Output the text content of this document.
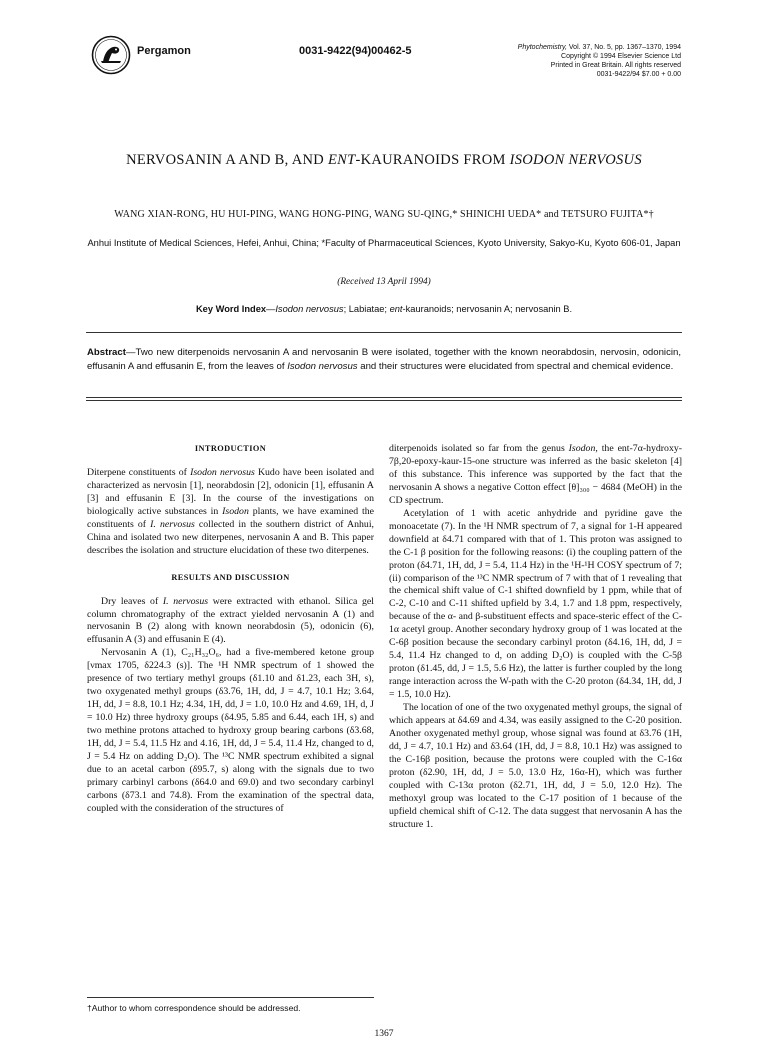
Pergamon	0031-9422(94)00462-5	Phytochemistry, Vol. 37, No. 5, pp. 1367–1370, 1994
Copyright © 1994 Elsevier Science Ltd
Printed in Great Britain. All rights reserved
0031-9422/94 $7.00 + 0.00
NERVOSANIN A AND B, AND ENT-KAURANOIDS FROM ISODON NERVOSUS
WANG XIAN-RONG, HU HUI-PING, WANG HONG-PING, WANG SU-QING,* SHINICHI UEDA* and TETSURO FUJITA*†
Anhui Institute of Medical Sciences, Hefei, Anhui, China; *Faculty of Pharmaceutical Sciences, Kyoto University, Sakyo-Ku, Kyoto 606-01, Japan
(Received 13 April 1994)
Key Word Index—Isodon nervosus; Labiatae; ent-kauranoids; nervosanin A; nervosanin B.
Abstract—Two new diterpenoids nervosanin A and nervosanin B were isolated, together with the known neorabdosin, nervosin, odonicin, effusanin A and effusanin E, from the leaves of Isodon nervosus and their structures were elucidated from spectral and chemical evidence.
INTRODUCTION

Diterpene constituents of Isodon nervosus Kudo have been isolated and characterized as nervosin [1], neorabdosin [2], odonicin [1], effusanin A [3] and effusanin E [3]. In the course of the investigations on biologically active substances in Isodon plants, we have examined the constituents of I. nervosus collected in the southern district of Anhui, China and isolated two new diterpenes, nervosanin A and B. This paper describes the isolation and structure elucidation of these two diterpenes.

RESULTS AND DISCUSSION

Dry leaves of I. nervosus were extracted with ethanol. Silica gel column chromatography of the extract yielded nervosanin A (1) and nervosanin B (2) along with known neorabdosin (5), odonicin (6), effusanin A (3) and effusanin E (4).

Nervosanin A (1), C₂₁H₃₂O₆, had a five-membered ketone group [νmax 1705, δ224.3 (s)]. The ¹H NMR spectrum of 1 showed the presence of two tertiary methyl groups (δ1.10 and δ1.23, each 3H, s), two oxygenated methyl groups (δ3.76, 1H, dd, J = 4.7, 10.1 Hz; 3.64, 1H, dd, J = 8.8, 10.1 Hz; 4.34, 1H, dd, J = 1.0, 10.0 Hz and 4.69, 1H, d, J = 10.0 Hz) three hydroxy groups (δ4.95, 5.85 and 6.44, each 1H, s) and two methine protons attached to hydroxy group bearing carbons (δ3.68, 1H, dd, J = 5.4, 11.5 Hz and 4.16, 1H, dd, J = 5.4, 11.4 Hz, changed to d, J = 5.4 Hz on adding D₂O). The ¹³C NMR spectrum exhibited a signal due to an acetal carbon (δ95.7, s) along with the signals due to two primary carbinyl carbons (δ64.0 and 69.0) and two secondary carbinyl carbons (δ73.1 and 74.8). From the examination of the spectral data, coupled with the consideration of the structures of

diterpenoids isolated so far from the genus Isodon, the ent-7α-hydroxy-7β,20-epoxy-kaur-15-one structure was inferred as the basic skeleton [4] of this substance. This inference was supported by the fact that the nervosanin A shows a negative Cotton effect [θ]₃₀₀ − 4684 (MeOH) in the CD spectrum.

Acetylation of 1 with acetic anhydride and pyridine gave the monoacetate (7). In the ¹H NMR spectrum of 7, a signal for 1-H appeared downfield at δ4.71 compared with that of 1. This proton was assigned to the C-1 β position for the following reasons: (i) the coupling pattern of the proton (δ4.71, 1H, dd, J = 5.4, 11.4 Hz) in the ¹H-¹H COSY spectrum of 7; (ii) comparison of the ¹³C NMR spectrum of 7 with that of 1 revealing that the chemical shift value of C-1 shifted downfield by 1 ppm, while that of C-2, C-10 and C-11 shifted upfield by 3.4, 1.7 and 1.8 ppm, respectively, because of the α- and β-substituent effects and space-steric effect of the C-1α acetyl group. Another secondary hydroxy group of 1 was located at the C-6β position because the secondary carbinyl proton (δ4.16, 1H, dd, J = 5.4, 11.4 Hz changed to d, on adding D₂O) is coupled with the C-5β proton (δ1.45, dd, J = 1.5, 5.6 Hz), the latter is further coupled by the long range interaction across the W-path with the C-20 proton (δ4.34, 1H, dd, J = 1.5, 10.0 Hz).

The location of one of the two oxygenated methyl groups, the signal of which appears at δ4.69 and 4.34, was easily assigned to the C-20 position. Another oxygenated methyl group, whose signal was found at δ3.76 (1H, dd, J = 4.7, 10.1 Hz) and δ3.64 (1H, dd, J = 8.8, 10.1 Hz) was assigned to the C-16β position, because the protons were coupled with the C-16α proton (δ2.90, 1H, dd, J = 5.0, 13.0 Hz, 16α-H), which was further coupled with C-13α proton (δ2.71, 1H, dd, J = 5.0, 12.0 Hz). The methoxyl group was located to the C-17 position of 1 because of the upfield chemical shift of C-12. The data suggest that nervosanin A has the structure 1.

†Author to whom correspondence should be addressed.
1367
